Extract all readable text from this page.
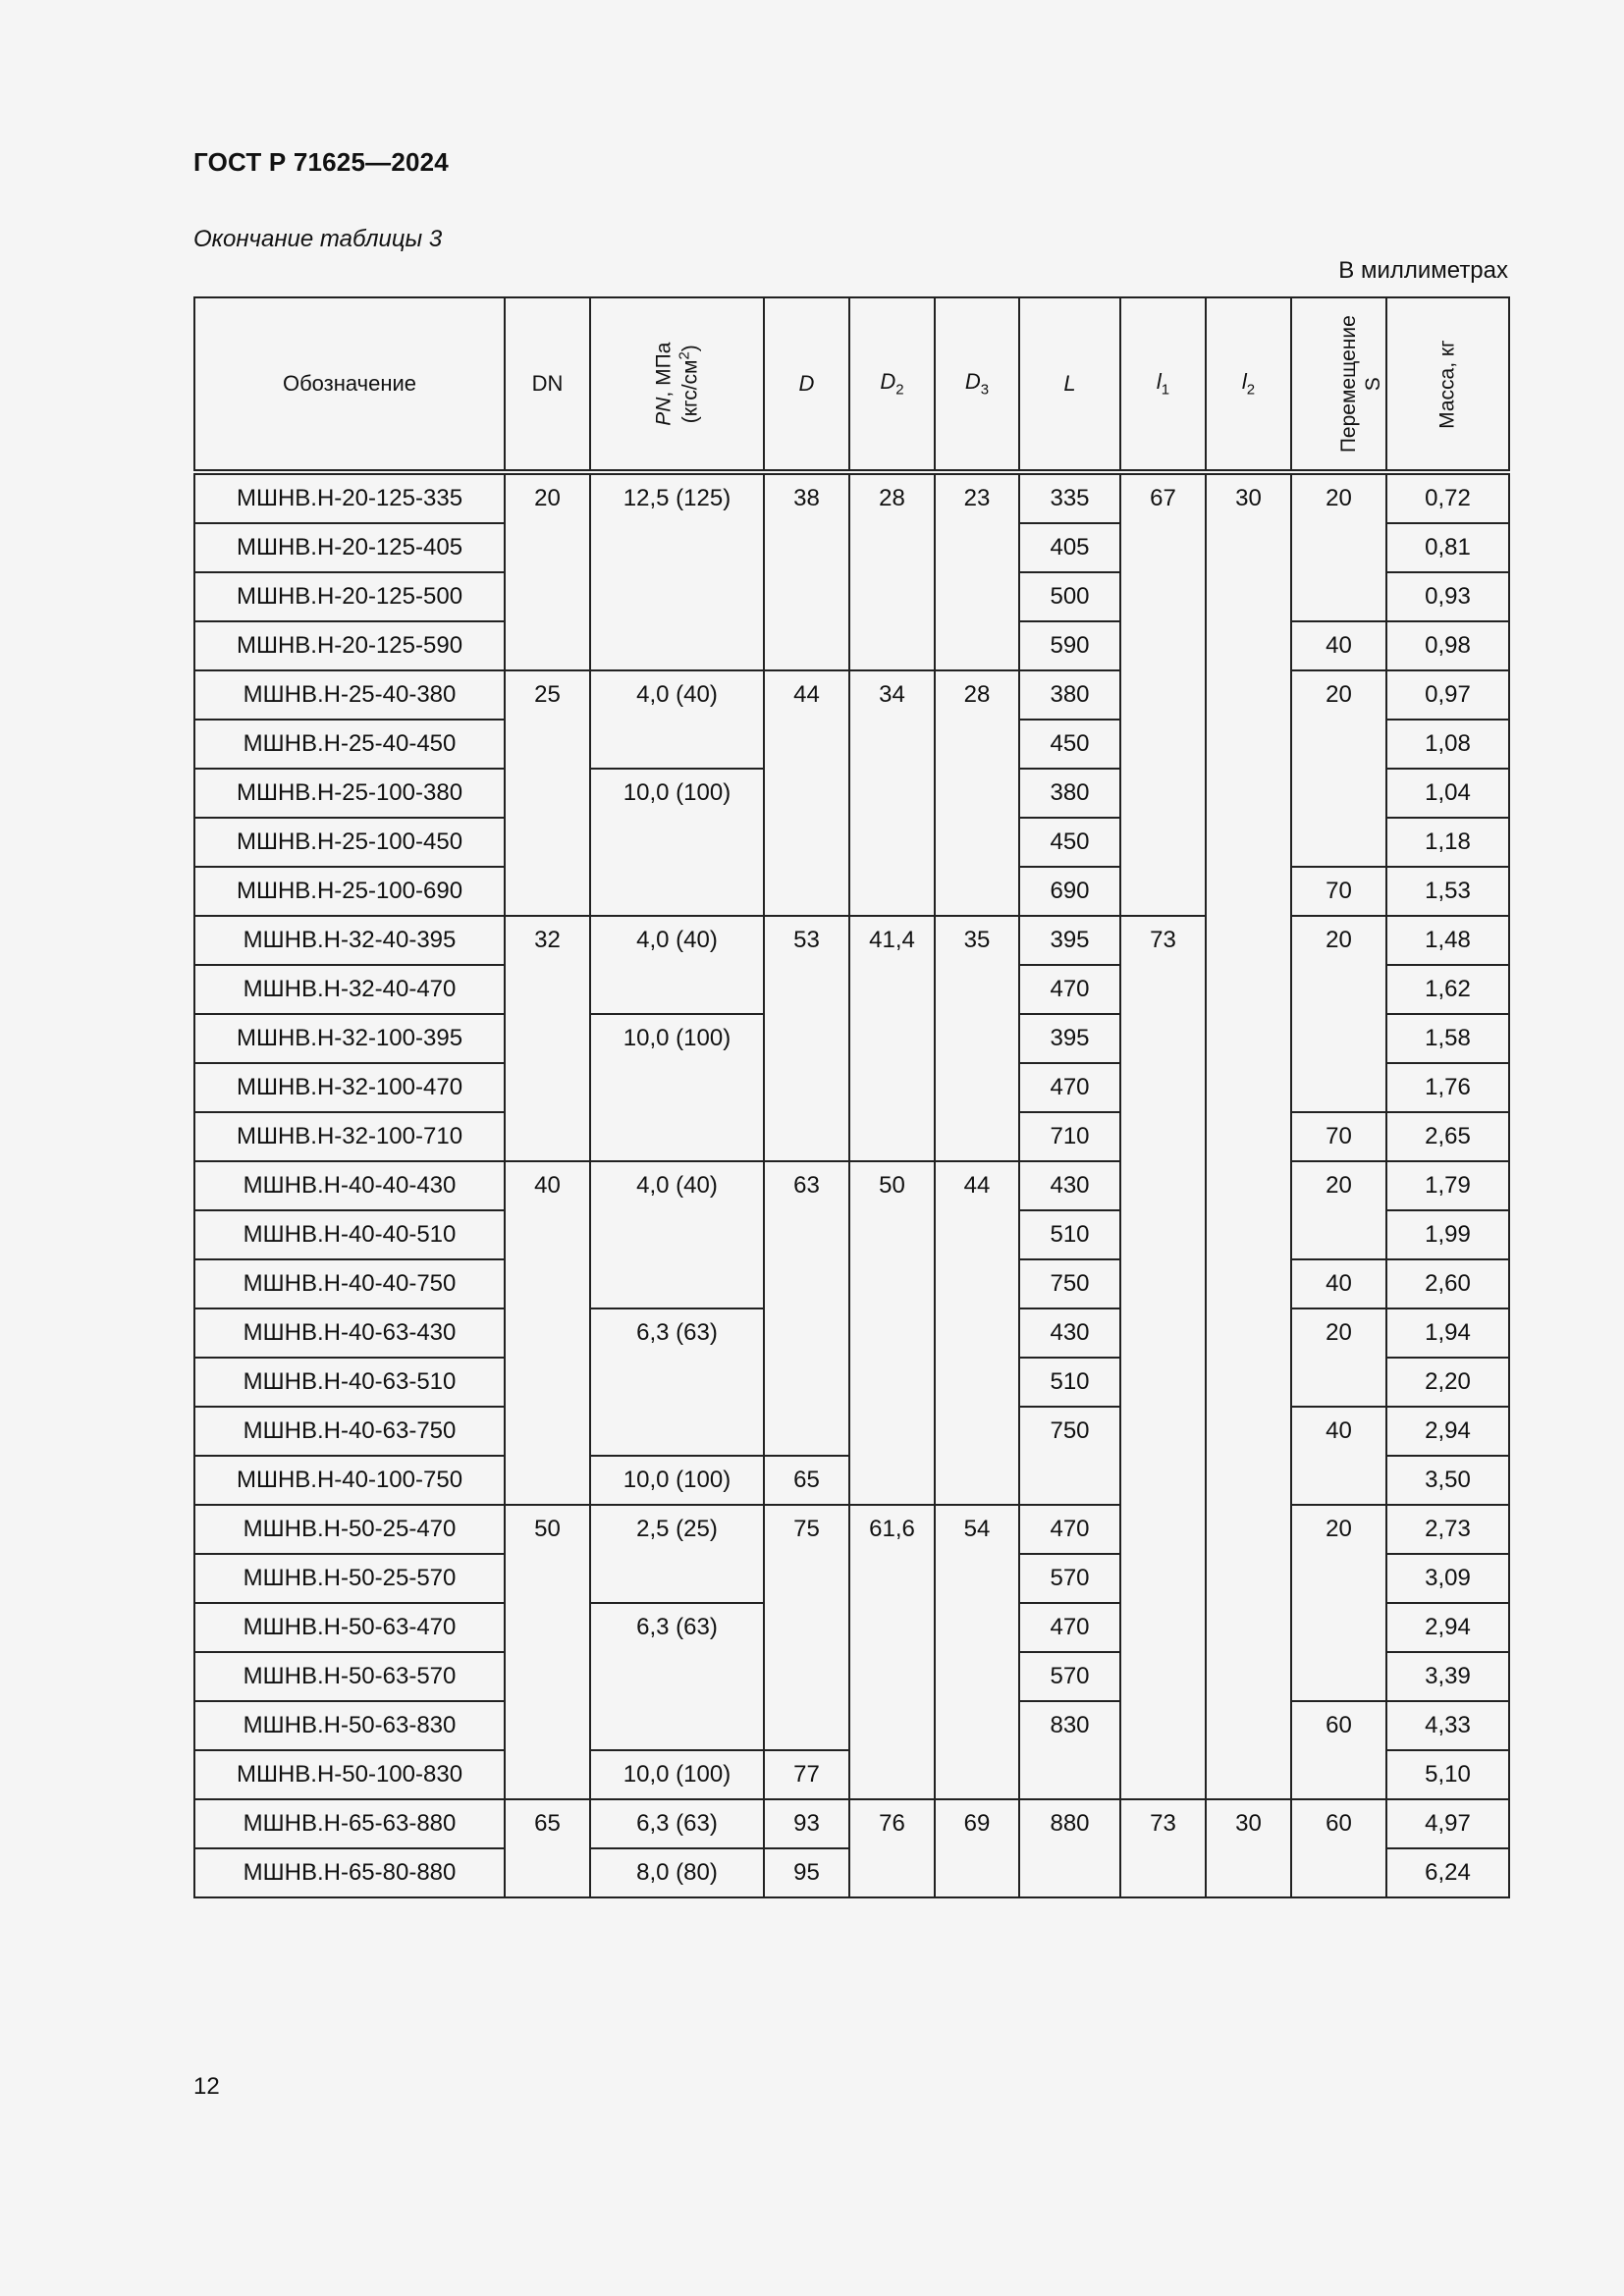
ГОСТ Р 71625—2024
Окончание таблицы 3
В миллиметрах
Обозначение	DN	PN, МПа $(кгс/см^2)$	D	$D_2$	$D_3$	L	$l_1$	$l_2$	Перемещение S	Масса, кг
МШНВ.Н-20-125-335	20	12,5 (125)	38	28	23	335	67	30	20	0,72
МШНВ.Н-20-125-405						405				0,81
МШНВ.Н-20-125-500						500				0,93
МШНВ.Н-20-125-590						590			40	0,98
МШНВ.Н-25-40-380	25	4,0 (40)	44	34	28	380			20	0,97
МШНВ.Н-25-40-450						450				1,08
МШНВ.Н-25-100-380		10,0 (100)				380				1,04
МШНВ.Н-25-100-450						450				1,18
МШНВ.Н-25-100-690						690			70	1,53
МШНВ.Н-32-40-395	32	4,0 (40)	53	41,4	35	395	73		20	1,48
МШНВ.Н-32-40-470						470				1,62
МШНВ.Н-32-100-395		10,0 (100)				395				1,58
МШНВ.Н-32-100-470						470				1,76
МШНВ.Н-32-100-710						710			70	2,65
МШНВ.Н-40-40-430	40	4,0 (40)	63	50	44	430			20	1,79
МШНВ.Н-40-40-510						510				1,99
МШНВ.Н-40-40-750						750			40	2,60
МШНВ.Н-40-63-430		6,3 (63)				430			20	1,94
МШНВ.Н-40-63-510						510				2,20
МШНВ.Н-40-63-750						750			40	2,94
МШНВ.Н-40-100-750		10,0 (100)	65							3,50
МШНВ.Н-50-25-470	50	2,5 (25)	75	61,6	54	470			20	2,73
МШНВ.Н-50-25-570						570				3,09
МШНВ.Н-50-63-470		6,3 (63)				470				2,94
МШНВ.Н-50-63-570						570				3,39
МШНВ.Н-50-63-830						830			60	4,33
МШНВ.Н-50-100-830		10,0 (100)	77							5,10
МШНВ.Н-65-63-880	65	6,3 (63)	93	76	69	880	73	30	60	4,97
МШНВ.Н-65-80-880		8,0 (80)	95							6,24
12
